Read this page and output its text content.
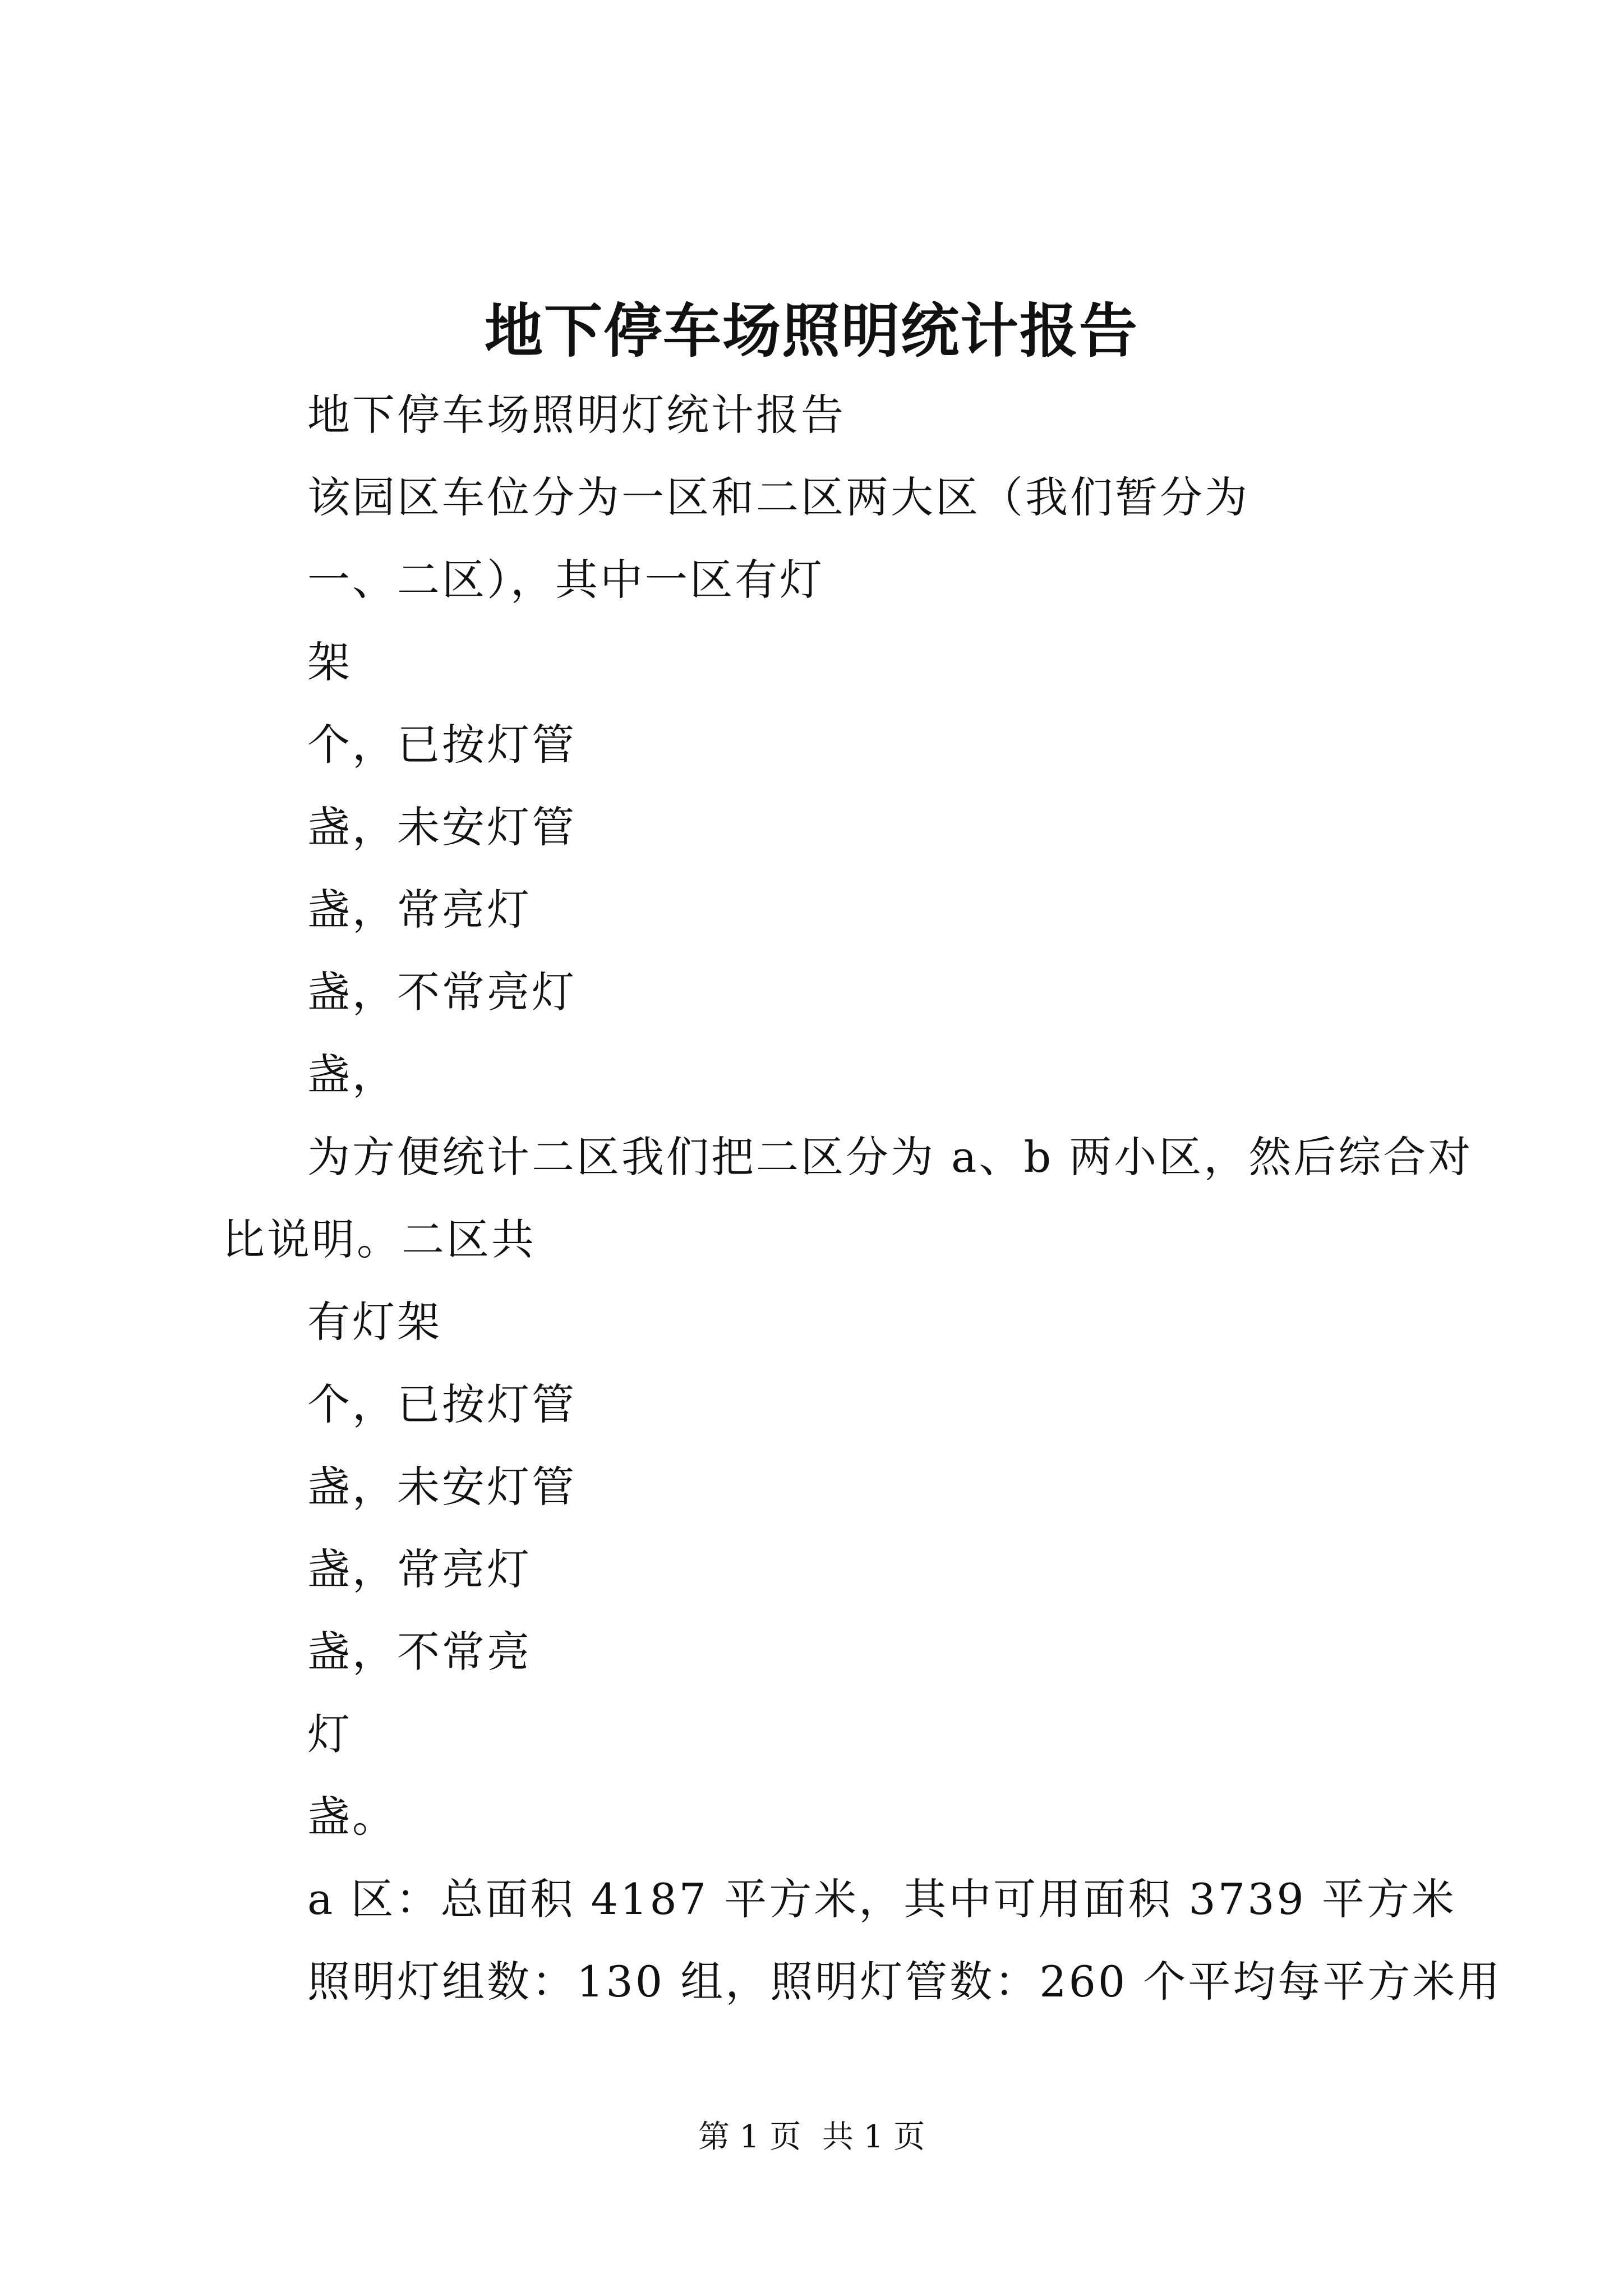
地下停车场照明统计报告

地下停车场照明灯统计报告

该园区车位分为一区和二区两大区（我们暂分为

一、二区），其中一区有灯

架

个，已按灯管

盏，未安灯管

盏，常亮灯

盏，不常亮灯

盏，

为方便统计二区我们把二区分为 a、b 两小区，然后综合对

比说明。二区共

有灯架

个，已按灯管

盏，未安灯管

盏，常亮灯

盏，不常亮

灯

盏。

a 区：总面积 4187 平方米，其中可用面积 3739 平方米

照明灯组数：130 组，照明灯管数：260 个平均每平方米用

第 1 页 共 1 页
